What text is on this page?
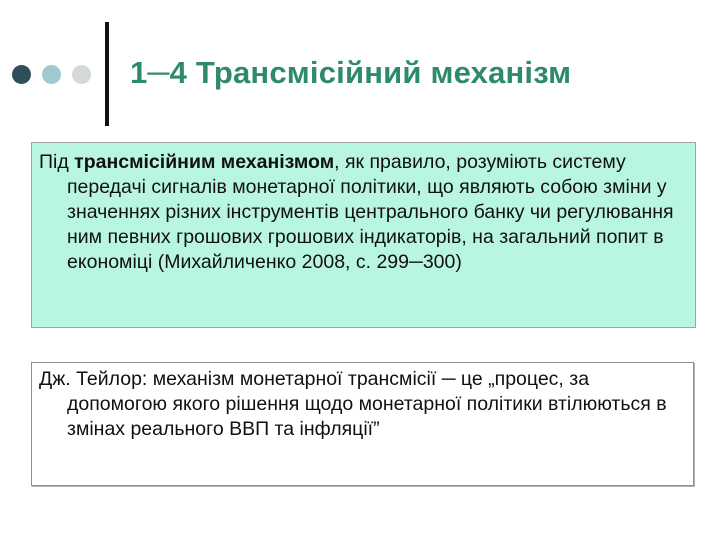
1─4 Трансмісійний механізм

Під трансмісійним механізмом, як правило, розуміють систему передачі сигналів монетарної політики, що являють собою зміни у значеннях різних інструментів центрального банку чи регулювання ним певних грошових грошових індикаторів, на загальний попит в економіці (Михайличенко 2008, с. 299─300)

Дж. Тейлор: механізм монетарної трансмісії ─ це „процес, за допомогою якого рішення щодо монетарної політики втілюються в змінах реального ВВП та інфляції”
